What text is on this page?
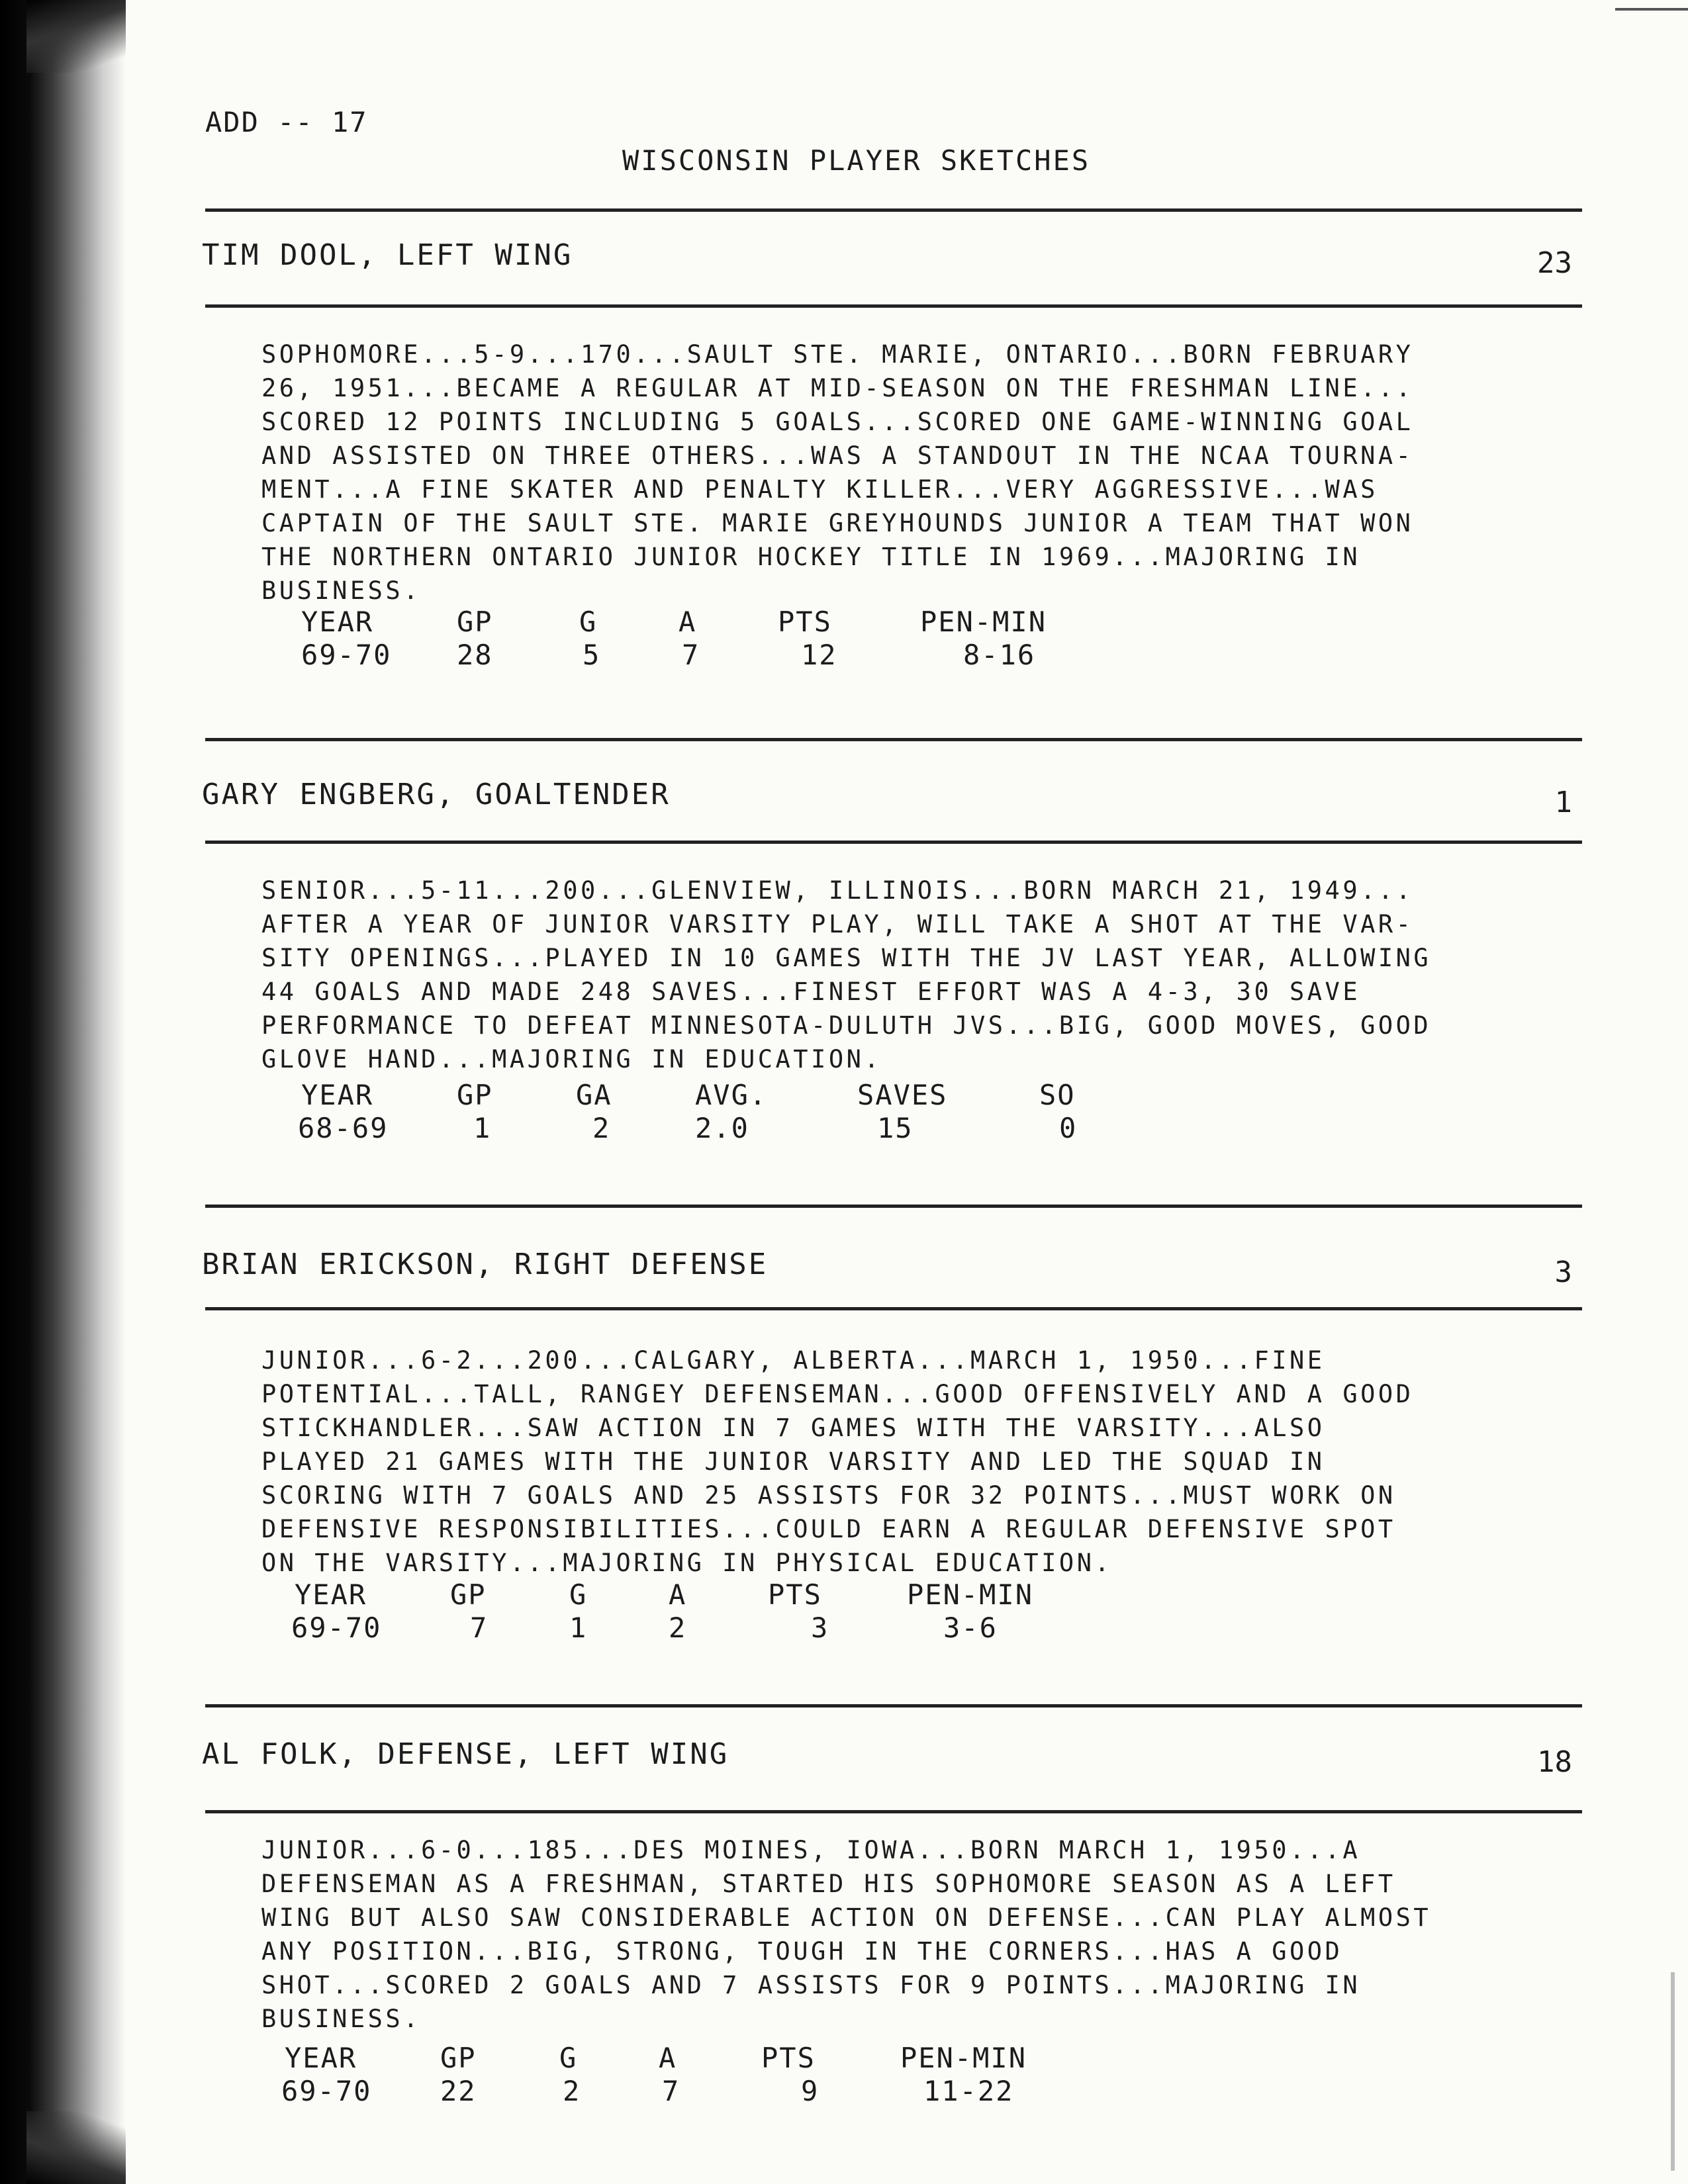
ADD -- 17
WISCONSIN PLAYER SKETCHES
TIM DOOL, LEFT WING	23
SOPHOMORE...5-9...170...SAULT STE. MARIE, ONTARIO...BORN FEBRUARY
26, 1951...BECAME A REGULAR AT MID-SEASON ON THE FRESHMAN LINE...
SCORED 12 POINTS INCLUDING 5 GOALS...SCORED ONE GAME-WINNING GOAL
AND ASSISTED ON THREE OTHERS...WAS A STANDOUT IN THE NCAA TOURNA-
MENT...A FINE SKATER AND PENALTY KILLER...VERY AGGRESSIVE...WAS
CAPTAIN OF THE SAULT STE. MARIE GREYHOUNDS JUNIOR A TEAM THAT WON
THE NORTHERN ONTARIO JUNIOR HOCKEY TITLE IN 1969...MAJORING IN
BUSINESS.
YEAR	GP	G	A	PTS	PEN-MIN
69-70 28	5	7	12	8-16
GARY ENGBERG, GOALTENDER	1
SENIOR...5-11...200...GLENVIEW, ILLINOIS...BORN MARCH 21, 1949...
AFTER A YEAR OF JUNIOR VARSITY PLAY, WILL TAKE A SHOT AT THE VAR-
SITY OPENINGS...PLAYED IN 10 GAMES WITH THE JV LAST YEAR, ALLOWING
44 GOALS AND MADE 248 SAVES...FINEST EFFORT WAS A 4-3, 30 SAVE
PERFORMANCE TO DEFEAT MINNESOTA-DULUTH JVS...BIG, GOOD MOVES, GOOD
GLOVE HAND...MAJORING IN EDUCATION.
YEAR	GP	GA	AVG.	SAVES	SO
68-69	1	2	2.0	15	0
BRIAN ERICKSON, RIGHT DEFENSE	3
JUNIOR...6-2...200...CALGARY, ALBERTA...MARCH 1, 1950...FINE
POTENTIAL...TALL, RANGEY DEFENSEMAN...GOOD OFFENSIVELY AND A GOOD
STICKHANDLER...SAW ACTION IN 7 GAMES WITH THE VARSITY...ALSO
PLAYED 21 GAMES WITH THE JUNIOR VARSITY AND LED THE SQUAD IN
SCORING WITH 7 GOALS AND 25 ASSISTS FOR 32 POINTS...MUST WORK ON
DEFENSIVE RESPONSIBILITIES...COULD EARN A REGULAR DEFENSIVE SPOT
ON THE VARSITY...MAJORING IN PHYSICAL EDUCATION.
YEAR	GP	G	A	PTS	PEN-MIN
69-70	7	1	2	3	3-6
AL FOLK, DEFENSE, LEFT WING	18
JUNIOR...6-0...185...DES MOINES, IOWA...BORN MARCH 1, 1950...A
DEFENSEMAN AS A FRESHMAN, STARTED HIS SOPHOMORE SEASON AS A LEFT
WING BUT ALSO SAW CONSIDERABLE ACTION ON DEFENSE...CAN PLAY ALMOST
ANY POSITION...BIG, STRONG, TOUGH IN THE CORNERS...HAS A GOOD
SHOT...SCORED 2 GOALS AND 7 ASSISTS FOR 9 POINTS...MAJORING IN
BUSINESS.
YEAR	GP	G	A	PTS	PEN-MIN
69-70 22	2	7	9	11-22
